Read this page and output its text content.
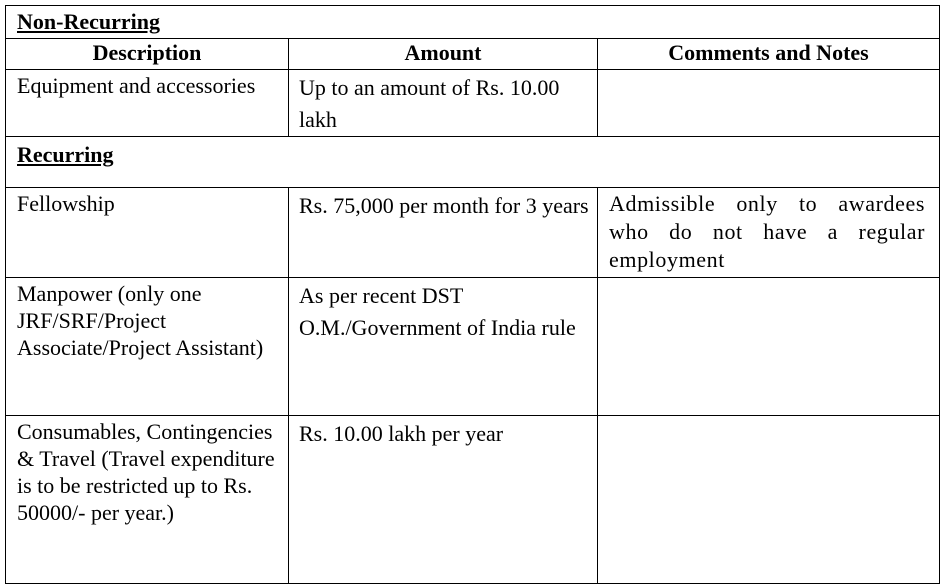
Non-Recurring		
Description	Amount	Comments and Notes
Equipment and accessories	Up to an amount of Rs. 10.00 lakh	
Recurring		
Fellowship	Rs. 75,000 per month for 3 years	Admissible only to awardees who do not have a regular employment
Manpower (only one JRF/SRF/Project Associate/Project Assistant)	As per recent DST O.M./Government of India rule	
Consumables, Contingencies & Travel (Travel expenditure is to be restricted up to Rs. 50000/- per year.)	Rs. 10.00 lakh per year	
